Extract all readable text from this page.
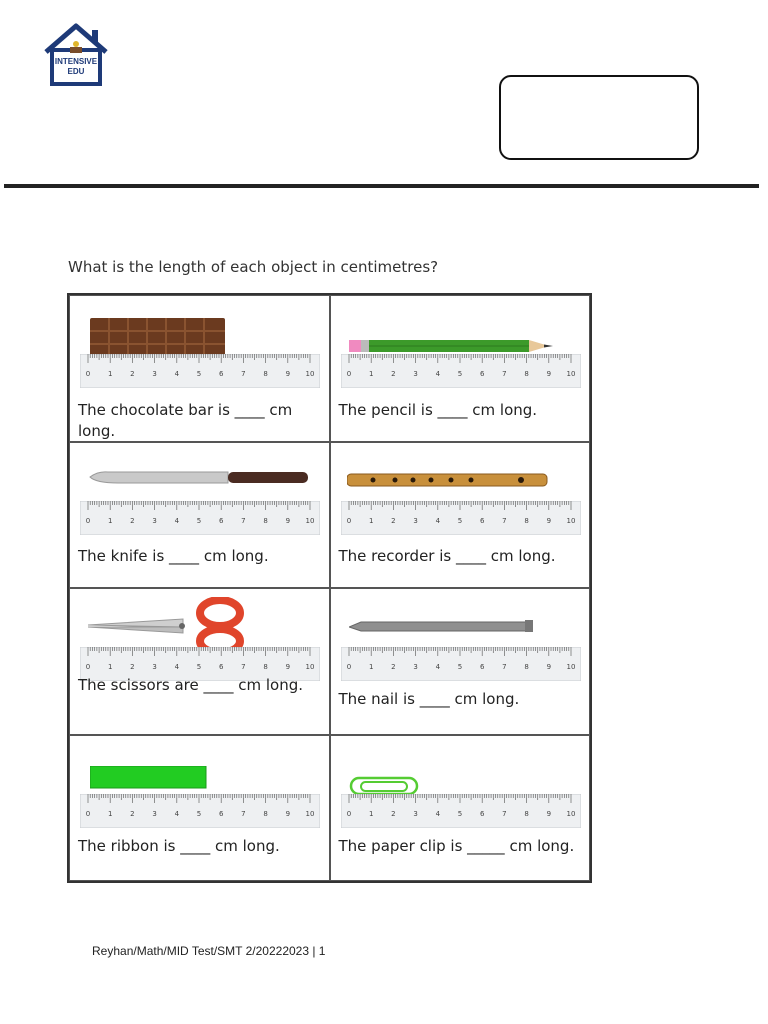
INTENSIVE
EDU
What is the length of each object in centimetres?
0	1	2	3	4	5	6	7	8	9 10
The chocolate bar is ____ cm long.
0	1	2	3	4	5	6	7	8	9 10
The pencil is ____ cm long.
0	1	2	3	4	5	6	7	8	9 10
The knife is ____ cm long.
0	1	2	3	4	5	6	7	8	9 10
The recorder is ____ cm long.
0	1	2	3	4	5	6	7	8	9 10
The scissors are ____ cm long.
0	1	2	3	4	5	6	7	8	9 10
The nail is ____ cm long.
0	1	2	3	4	5	6	7	8	9 10
The ribbon is ____ cm long.
0	1	2	3	4	5	6	7	8	9 10
The paper clip is _____ cm long.
Reyhan/Math/MID Test/SMT 2/20222023 | 1
